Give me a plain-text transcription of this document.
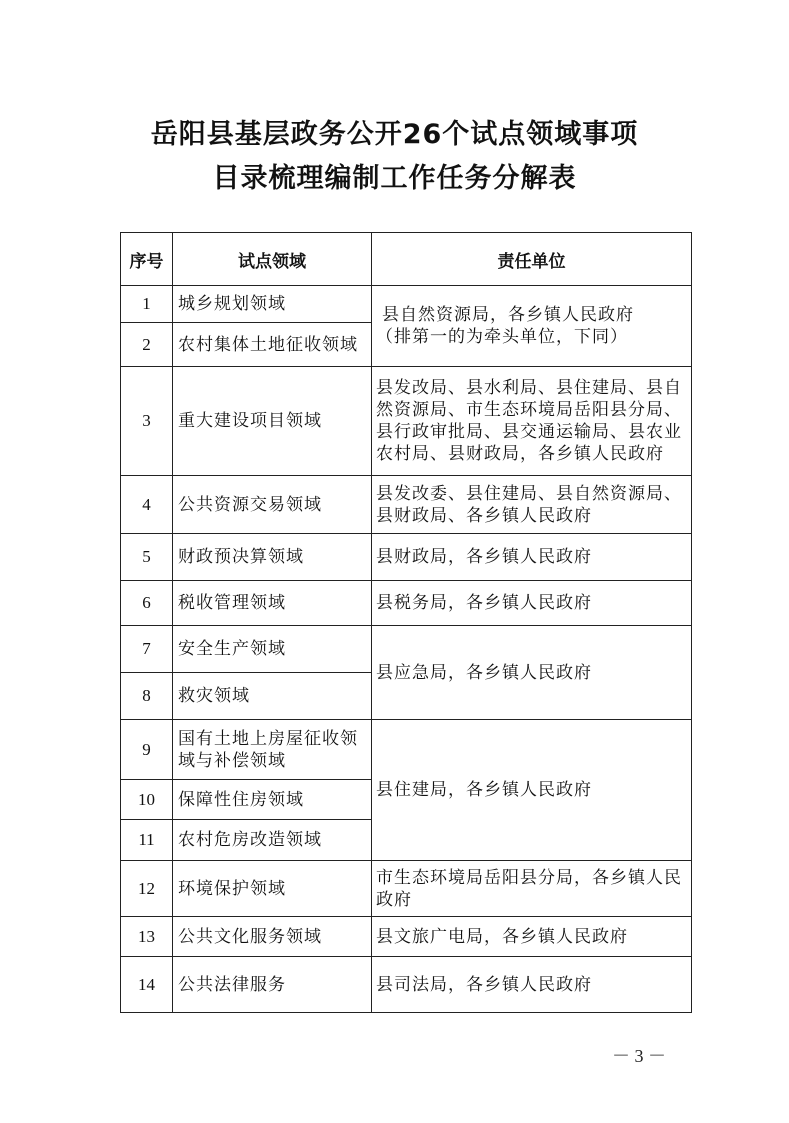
岳阳县基层政务公开26个试点领域事项
目录梳理编制工作任务分解表
序号	试点领域	责任单位
1	城乡规划领域	县自然资源局，各乡镇人民政府
（排第一的为牵头单位，下同）
2	农村集体土地征收领域	
3	重大建设项目领域	县发改局、县水利局、县住建局、县自然资源局、市生态环境局岳阳县分局、县行政审批局、县交通运输局、县农业农村局、县财政局，各乡镇人民政府
4	公共资源交易领域	县发改委、县住建局、县自然资源局、县财政局、各乡镇人民政府
5	财政预决算领域	县财政局，各乡镇人民政府
6	税收管理领域	县税务局，各乡镇人民政府
7	安全生产领域	县应急局，各乡镇人民政府
8	救灾领域	
9	国有土地上房屋征收领域与补偿领域	县住建局，各乡镇人民政府
10	保障性住房领域	
11	农村危房改造领域	
12	环境保护领域	市生态环境局岳阳县分局，各乡镇人民政府
13	公共文化服务领域	县文旅广电局，各乡镇人民政府
14	公共法律服务	县司法局，各乡镇人民政府
－ 3 －
